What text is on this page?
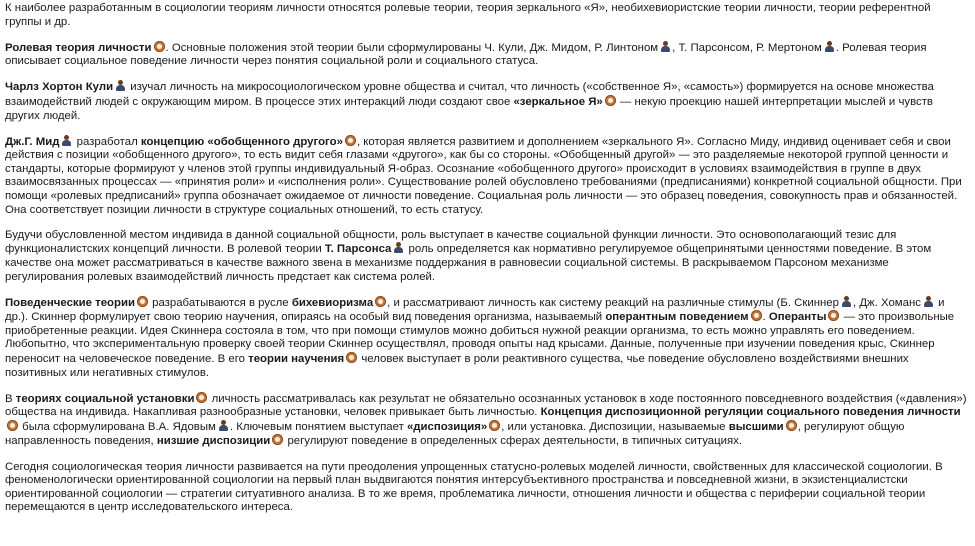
К наиболее разработанным в социологии теориям личности относятся ролевые теории, теория зеркального «Я», необихевиористские теории личности, теории референтной группы и др.

Ролевая теория личности . Основные положения этой теории были сформулированы Ч. Кули, Дж. Мидом, Р. Линтоном , Т. Парсонсом, Р. Мертоном . Ролевая теория описывает социальное поведение личности через понятия социальной роли и социального статуса.

Чарлз Хортон Кули изучал личность на микросоциологическом уровне общества и считал, что личность («собственное Я», «самость») формируется на основе множества взаимодействий людей с окружающим миром. В процессе этих интеракций люди создают свое «зеркальное Я» — некую проекцию нашей интерпретации мыслей и чувств других людей.

Дж.Г. Мид разработал концепцию «обобщенного другого» , которая является развитием и дополнением «зеркального Я». Согласно Миду, индивид оценивает себя и свои действия с позиции «обобщенного другого», то есть видит себя глазами «другого», как бы со стороны. «Обобщенный другой» — это разделяемые некоторой группой ценности и стандарты, которые формируют у членов этой группы индивидуальный Я-образ. Осознание «обобщенного другого» происходит в условиях взаимодействия в группе в двух взаимосвязанных процессах — «принятия роли» и «исполнения роли». Существование ролей обусловлено требованиями (предписаниями) конкретной социальной общности. При помощи «ролевых предписаний» группа обозначает ожидаемое от личности поведение. Социальная роль личности — это образец поведения, совокупность прав и обязанностей. Она соответствует позиции личности в структуре социальных отношений, то есть статусу.

Будучи обусловленной местом индивида в данной социальной общности, роль выступает в качестве социальной функции личности. Это основополагающий тезис для функционалистских концепций личности. В ролевой теории Т. Парсонса роль определяется как нормативно регулируемое общепринятыми ценностями поведение. В этом качестве она может рассматриваться в качестве важного звена в механизме поддержания в равновесии социальной системы. В раскрываемом Парсоном механизме регулирования ролевых взаимодействий личность предстает как система ролей.

Поведенческие теории разрабатываются в русле бихевиоризма , и рассматривают личность как систему реакций на различные стимулы (Б. Скиннер , Дж. Хоманс и др.). Скиннер формулирует свою теорию научения, опираясь на особый вид поведения организма, называемый оперантным поведением . Операнты — это произвольные приобретенные реакции. Идея Скиннера состояла в том, что при помощи стимулов можно добиться нужной реакции организма, то есть можно управлять его поведением. Любопытно, что экспериментальную проверку своей теории Скиннер осуществлял, проводя опыты над крысами. Данные, полученные при изучении поведения крыс, Скиннер переносит на человеческое поведение. В его теории научения человек выступает в роли реактивного существа, чье поведение обусловлено воздействиями внешних позитивных или негативных стимулов.

В теориях социальной установки личность рассматривалась как результат не обязательно осознанных установок в ходе постоянного повседневного воздействия («давления») общества на индивида. Накапливая разнообразные установки, человек привыкает быть личностью. Концепция диспозиционной регуляции социального поведения личности была сформулирована В.А. Ядовым . Ключевым понятием выступает «диспозиция» , или установка. Диспозиции, называемые высшими , регулируют общую направленность поведения, низшие диспозиции регулируют поведение в определенных сферах деятельности, в типичных ситуациях.

Сегодня социологическая теория личности развивается на пути преодоления упрощенных статусно-ролевых моделей личности, свойственных для классической социологии. В феноменологически ориентированной социологии на первый план выдвигаются понятия интерсубъективного пространства и повседневной жизни, в экзистенциалистски ориентированной социологии — стратегии ситуативного анализа. В то же время, проблематика личности, отношения личности и общества с периферии социальной теории перемещаются в центр исследовательского интереса.
